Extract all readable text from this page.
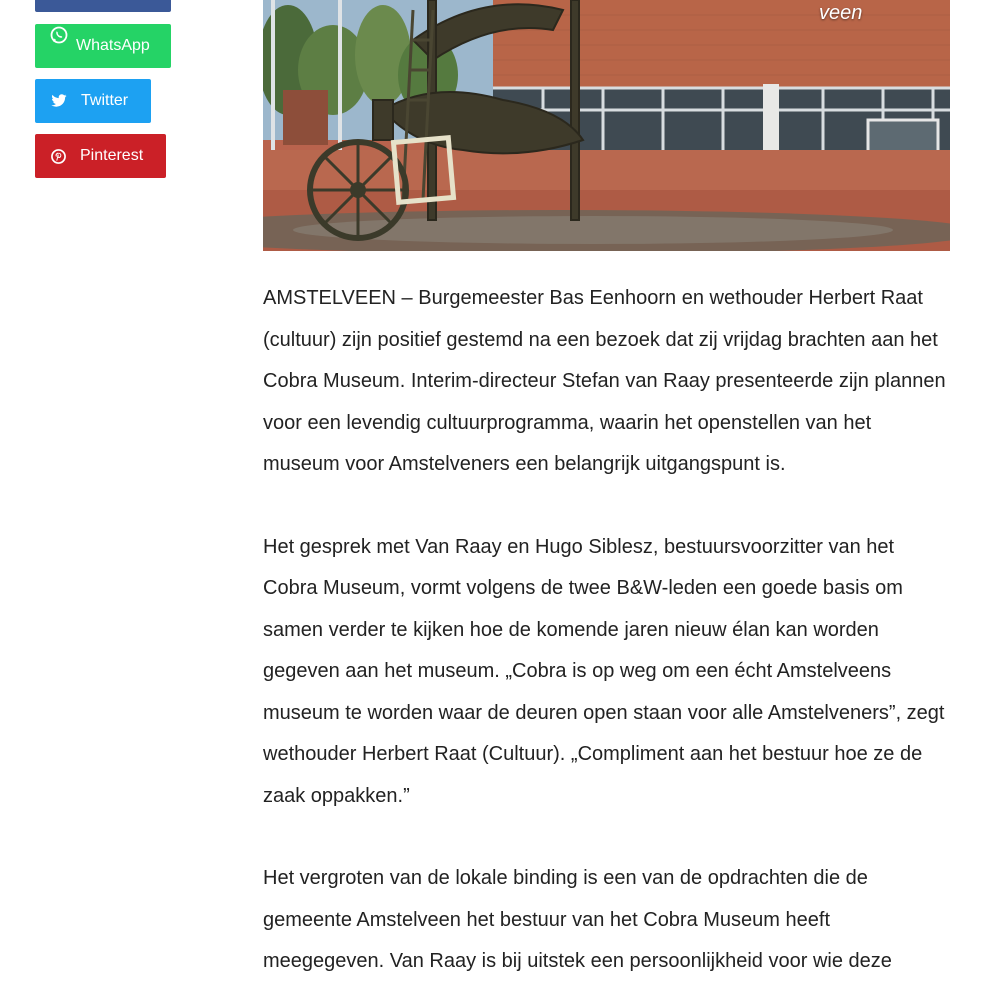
WhatsApp
Twitter
Pinterest
veen

AMSTELVEEN – Burgemeester Bas Eenhoorn en wethouder Herbert Raat (cultuur) zijn positief gestemd na een bezoek dat zij vrijdag brachten aan het Cobra Museum. Interim-directeur Stefan van Raay presenteerde zijn plannen voor een levendig cultuurprogramma, waarin het openstellen van het museum voor Amstelveners een belangrijk uitgangspunt is.

Het gesprek met Van Raay en Hugo Siblesz, bestuursvoorzitter van het Cobra Museum, vormt volgens de twee B&W-leden een goede basis om samen verder te kijken hoe de komende jaren nieuw élan kan worden gegeven aan het museum. „Cobra is op weg om een écht Amstelveens museum te worden waar de deuren open staan voor alle Amstelveners”, zegt wethouder Herbert Raat (Cultuur). „Compliment aan het bestuur hoe ze de zaak oppakken.”

Het vergroten van de lokale binding is een van de opdrachten die de gemeente Amstelveen het bestuur van het Cobra Museum heeft meegegeven. Van Raay is bij uitstek een persoonlijkheid voor wie deze
